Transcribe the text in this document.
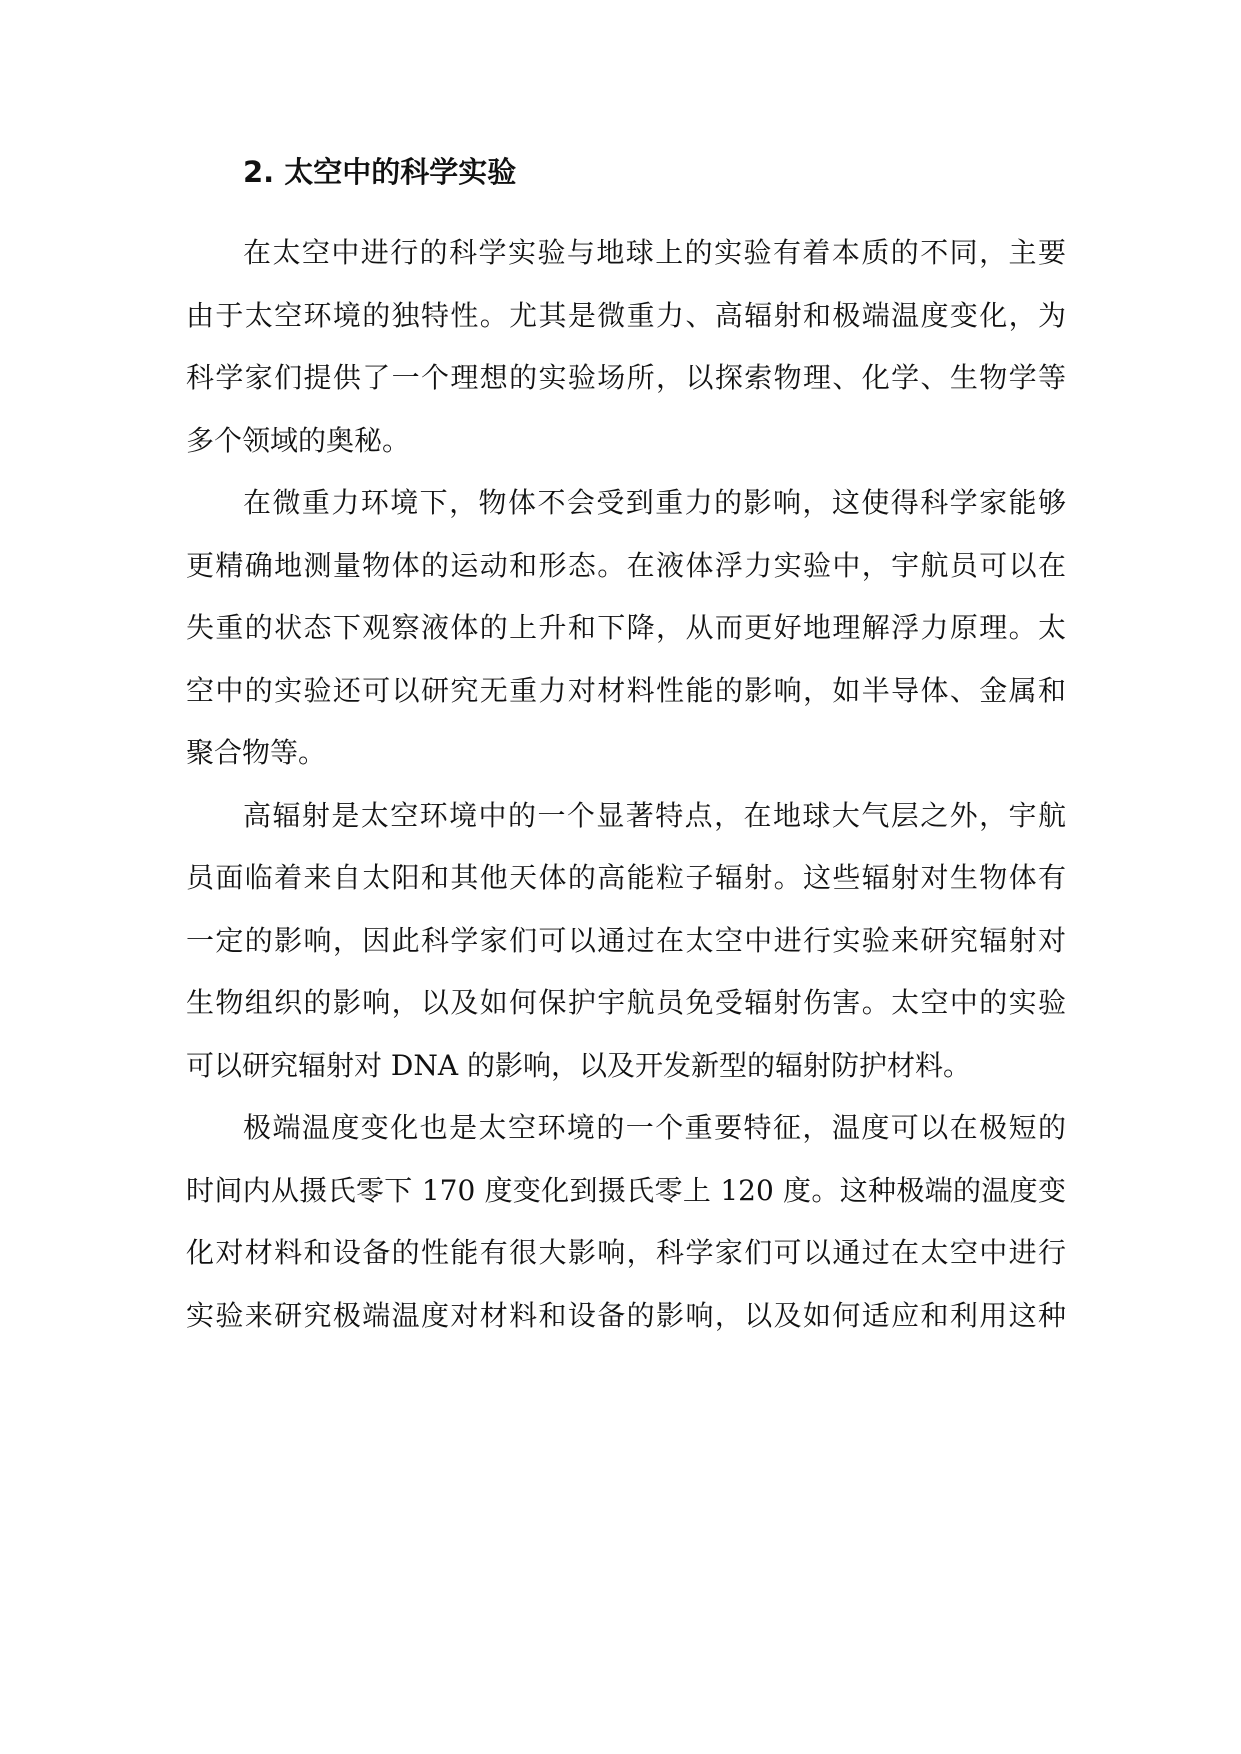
2. 太空中的科学实验
在太空中进行的科学实验与地球上的实验有着本质的不同，主要
由于太空环境的独特性。尤其是微重力、高辐射和极端温度变化，为
科学家们提供了一个理想的实验场所，以探索物理、化学、生物学等
多个领域的奥秘。
在微重力环境下，物体不会受到重力的影响，这使得科学家能够
更精确地测量物体的运动和形态。在液体浮力实验中，宇航员可以在
失重的状态下观察液体的上升和下降，从而更好地理解浮力原理。太
空中的实验还可以研究无重力对材料性能的影响，如半导体、金属和
聚合物等。
高辐射是太空环境中的一个显著特点，在地球大气层之外，宇航
员面临着来自太阳和其他天体的高能粒子辐射。这些辐射对生物体有
一定的影响，因此科学家们可以通过在太空中进行实验来研究辐射对
生物组织的影响，以及如何保护宇航员免受辐射伤害。太空中的实验
可以研究辐射对 DNA 的影响，以及开发新型的辐射防护材料。
极端温度变化也是太空环境的一个重要特征，温度可以在极短的
时间内从摄氏零下 170 度变化到摄氏零上 120 度。这种极端的温度变
化对材料和设备的性能有很大影响，科学家们可以通过在太空中进行
实验来研究极端温度对材料和设备的影响，以及如何适应和利用这种
